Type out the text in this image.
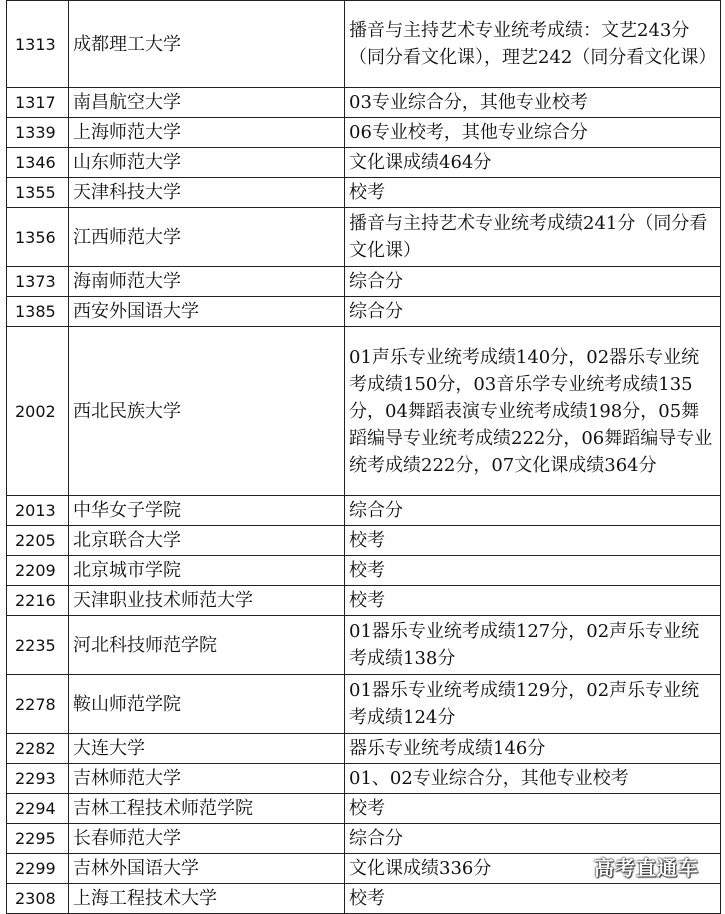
1313	成都理工大学	播音与主持艺术专业统考成绩：文艺243分（同分看文化课），理艺242（同分看文化课）
1317	南昌航空大学	03专业综合分，其他专业校考
1339	上海师范大学	06专业校考，其他专业综合分
1346	山东师范大学	文化课成绩464分
1355	天津科技大学	校考
1356	江西师范大学	播音与主持艺术专业统考成绩241分（同分看文化课）
1373	海南师范大学	综合分
1385	西安外国语大学	综合分
2002	西北民族大学	01声乐专业统考成绩140分，02器乐专业统考成绩150分，03音乐学专业统考成绩135分，04舞蹈表演专业统考成绩198分，05舞蹈编导专业统考成绩222分，06舞蹈编导专业统考成绩222分，07文化课成绩364分
2013	中华女子学院	综合分
2205	北京联合大学	校考
2209	北京城市学院	校考
2216	天津职业技术师范大学	校考
2235	河北科技师范学院	01器乐专业统考成绩127分，02声乐专业统考成绩138分
2278	鞍山师范学院	01器乐专业统考成绩129分，02声乐专业统考成绩124分
2282	大连大学	器乐专业统考成绩146分
2293	吉林师范大学	01、02专业综合分，其他专业校考
2294	吉林工程技术师范学院	校考
2295	长春师范大学	综合分
2299	吉林外国语大学	文化课成绩336分
2308	上海工程技术大学	校考
高考直通车
